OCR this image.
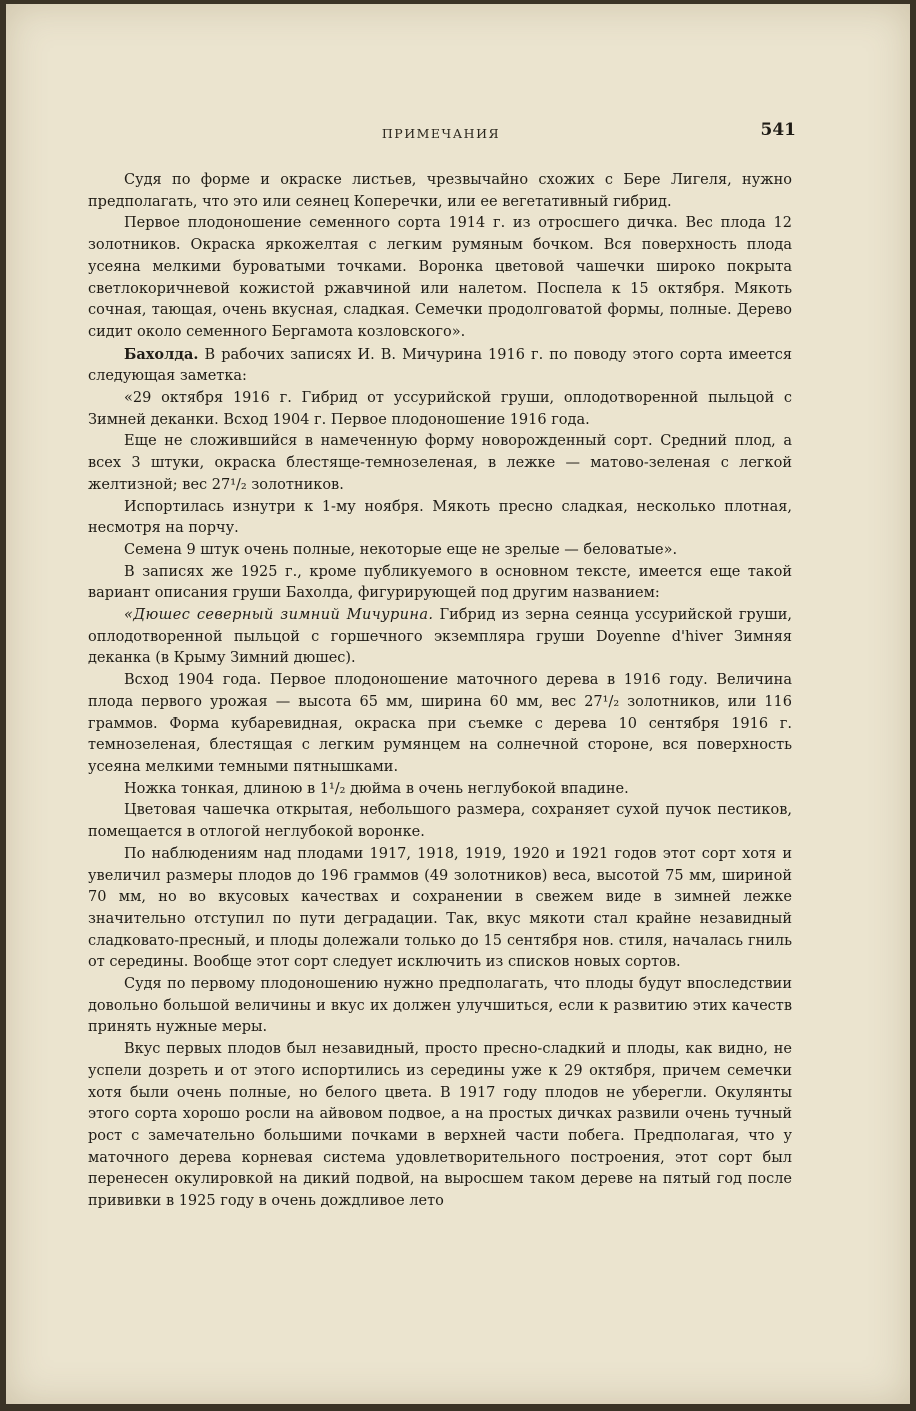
ПРИМЕЧАНИЯ	541

Судя по форме и окраске листьев, чрезвычайно схожих с Бере Лигеля, нужно предполагать, что это или сеянец Коперечки, или ее вегетативный гибрид.

Первое плодоношение семенного сорта 1914 г. из отросшего дичка. Вес плода 12 золотников. Окраска яркожелтая с легким румяным бочком. Вся поверхность плода усеяна мелкими буроватыми точками. Воронка цветовой чашечки широко покрыта светлокоричневой кожистой ржавчиной или налетом. Поспела к 15 октября. Мякоть сочная, тающая, очень вкусная, сладкая. Семечки продолговатой формы, полные. Дерево сидит около семенного Бергамота козловского».

Бахолда. В рабочих записях И. В. Мичурина 1916 г. по поводу этого сорта имеется следующая заметка:

«29 октября 1916 г. Гибрид от уссурийской груши, оплодотворенной пыльцой с Зимней деканки. Всход 1904 г. Первое плодоношение 1916 года.

Еще не сложившийся в намеченную форму новорожденный сорт. Средний плод, а всех 3 штуки, окраска блестяще-темнозеленая, в лежке — матово-зеленая с легкой желтизной; вес 27¹/₂ золотников.

Испортилась изнутри к 1-му ноября. Мякоть пресно сладкая, несколько плотная, несмотря на порчу.

Семена 9 штук очень полные, некоторые еще не зрелые — беловатые».

В записях же 1925 г., кроме публикуемого в основном тексте, имеется еще такой вариант описания груши Бахолда, фигурирующей под другим названием:

«Дюшес северный зимний Мичурина. Гибрид из зерна сеянца уссурийской груши, оплодотворенной пыльцой с горшечного экземпляра груши Doyenne d'hiver Зимняя деканка (в Крыму Зимний дюшес).

Всход 1904 года. Первое плодоношение маточного дерева в 1916 году. Величина плода первого урожая — высота 65 мм, ширина 60 мм, вес 27¹/₂ золотников, или 116 граммов. Форма кубаревидная, окраска при съемке с дерева 10 сентября 1916 г. темнозеленая, блестящая с легким румянцем на солнечной стороне, вся поверхность усеяна мелкими темными пятнышками.

Ножка тонкая, длиною в 1¹/₂ дюйма в очень неглубокой впадине.

Цветовая чашечка открытая, небольшого размера, сохраняет сухой пучок пестиков, помещается в отлогой неглубокой воронке.

По наблюдениям над плодами 1917, 1918, 1919, 1920 и 1921 годов этот сорт хотя и увеличил размеры плодов до 196 граммов (49 золотников) веса, высотой 75 мм, шириной 70 мм, но во вкусовых качествах и сохранении в свежем виде в зимней лежке значительно отступил по пути деградации. Так, вкус мякоти стал крайне незавидный сладковато-пресный, и плоды долежали только до 15 сентября нов. стиля, началась гниль от середины. Вообще этот сорт следует исключить из списков новых сортов.

Судя по первому плодоношению нужно предполагать, что плоды будут впоследствии довольно большой величины и вкус их должен улучшиться, если к развитию этих качеств принять нужные меры.

Вкус первых плодов был незавидный, просто пресно-сладкий и плоды, как видно, не успели дозреть и от этого испортились из середины уже к 29 октября, причем семечки хотя были очень полные, но белого цвета. В 1917 году плодов не уберегли. Окулянты этого сорта хорошо росли на айвовом подвое, а на простых дичках развили очень тучный рост с замечательно большими почками в верхней части побега. Предполагая, что у маточного дерева корневая система удовлетворительного построения, этот сорт был перенесен окулировкой на дикий подвой, на выросшем таком дереве на пятый год после прививки в 1925 году в очень дождливое лето
